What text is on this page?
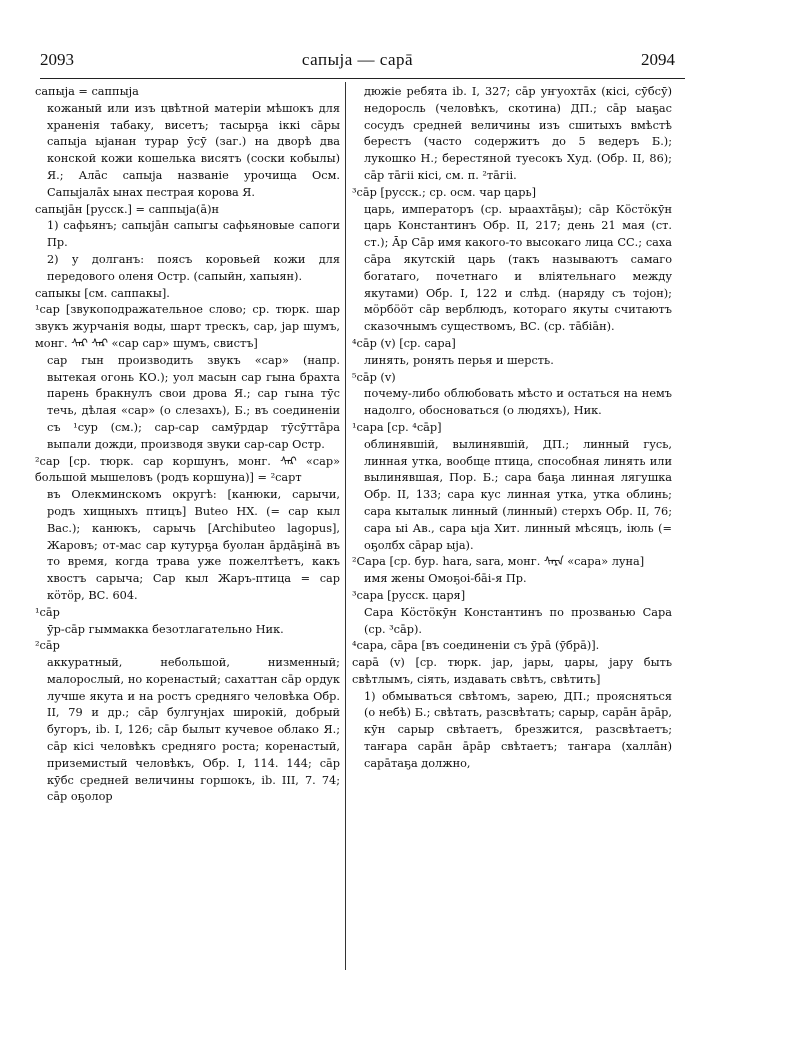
2093	сапыја — сарā	2094

сапыја = саппыја

кожаный или изъ цвѣтной матеріи мѣшокъ для храненія табаку, висетъ; тасырҕа іккі сāры сапыја ыјанан турар ӯсӯ (заг.) на дворѣ два конской кожи кошелька висятъ (соски кобылы) Я.; Алāс сапыја названіе урочища Осм. Сапыјалāх ынах пестрая корова Я.

сапыјāн [русск.] = саппыја(ā)н

1) сафьянъ; сапыјāн сапыгы сафьяновые сапоги Пр.

2) у долганъ: поясъ коровьей кожи для передового оленя Остр. (сапыйн, хапыян).

сапыкы [см. саппакы].

¹сар [звукоподражательное слово; ср. тюрк. шар звукъ журчанія воды, шарт трескъ, сар, јар шумъ, монг. ᠰᠠᠷ ᠰᠠᠷ «сар сар» шумъ, свистъ]

сар гын производить звукъ «сар» (напр. вытекая огонь КО.); уол масын сар гына брахта парень бракнулъ свои дрова Я.; сар гына тӯс течь, дѣлая «сар» (о слезахъ), Б.; въ соединеніи съ ¹сур (см.); сар-сар самӯрдар тӯсӯттāра выпали дожди, производя звуки сар-сар Остр.

²сар [ср. тюрк. сар коршунъ, монг. ᠰᠠᠷ «сар» большой мышеловъ (родъ коршуна)] = ²сарт

въ Олекминскомъ округѣ: [канюки, сарычи, родъ хищныхъ птицъ] Buteo HX. (= сар кыл Вас.); канюкъ, сарычь [Archibuteo lagopus], Жаровъ; от-мас сар кутурҕа буолан āрдāҕінā въ то время, когда трава уже пожелтѣетъ, какъ хвостъ сарыча; Сар кыл Жаръ-птица = сар кӧтӧр, ВС. 604.

¹сāр

ӯр-сāр гыммакка безотлагательно Ник.

²сāр

аккуратный, небольшой, низменный; малорослый, но коренастый; сахаттан сāр ордук лучше якута и на ростъ средняго человѣка Обр. II, 79 и др.; сāр булгунјах широкій, добрый бугоръ, ib. I, 126; сāр былыт кучевое облако Я.; сāр кісі человѣкъ средняго роста; коренастый, приземистый человѣкъ, Обр. I, 114. 144; сāр кӯбс средней величины горшокъ, ib. III, 7. 74; сāр оҕолор

дюжіе ребята ib. I, 327; сāр уҥуохтāх (кісі, сӯбсӯ) недоросль (человѣкъ, скотина) ДП.; сāр ыаҕас сосудъ средней величины изъ сшитыхъ вмѣстѣ берестъ (часто содержитъ до 5 ведеръ Б.); лукошко Н.; берестяной туесокъ Худ. (Обр. II, 86); сāр тāгіі кісі, см. п. ²тāгіі.

³сāр [русск.; ср. осм. чар царь]

царь, императоръ (ср. ыраахтāҕы); сāр Кӧстӧкӯн царь Константинъ Обр. II, 217; день 21 мая (ст. ст.); Āр Сāр имя какого-то высокаго лица СС.; саха сāра якутскій царь (такъ называютъ самаго богатаго, почетнаго и вліятельнаго между якутами) Обр. I, 122 и слѣд. (наряду съ тојон); мӧрбӧӧт сāр верблюдъ, котораго якуты считаютъ сказочнымъ существомъ, ВС. (ср. тāбіāн).

⁴сāр (v) [ср. сара]

линять, ронять перья и шерсть.

⁵сāр (v)

почему-либо облюбовать мѣсто и остаться на немъ надолго, обосноваться (о людяхъ), Ник.

¹сара [ср. ⁴сāр]

облинявшій, вылинявшій, ДП.; линный гусь, линная утка, вообще птица, способная линять или вылинявшая, Пор. Б.; сара баҕа линная лягушка Обр. II, 133; сара кус линная утка, утка облинь; сара кыталык линный (линный) стерхъ Обр. II, 76; сара ыі Ав., сара ыја Хит. линный мѣсяцъ, іюль (= оҕолбх сāрар ыја).

²Сара [ср. бур. hara, sara, монг. ᠰᠠᠷᠠ «сара» луна]

имя жены Омоҕоі-бāі-я Пр.

³сара [русск. царя]

Сара Кӧстӧкӯн Константинъ по прозванью Сара (ср. ³сāр).

⁴сара, сāра [въ соединеніи съ ӯрā (ӯбрā)].

сарā (v) [ср. тюрк. јар, јары, џары, јару быть свѣтлымъ, сіять, издавать свѣтъ, свѣтить]

1) обмываться свѣтомъ, зарею, ДП.; проясняться (о небѣ) Б.; свѣтать, разсвѣтать; сарыр, сарāн āрāр, кӯн сарыр свѣтаетъ, брезжится, разсвѣтаетъ; таҥара сарāн āрāр свѣтаетъ; таҥара (халлāн) сарāтаҕа должно,
